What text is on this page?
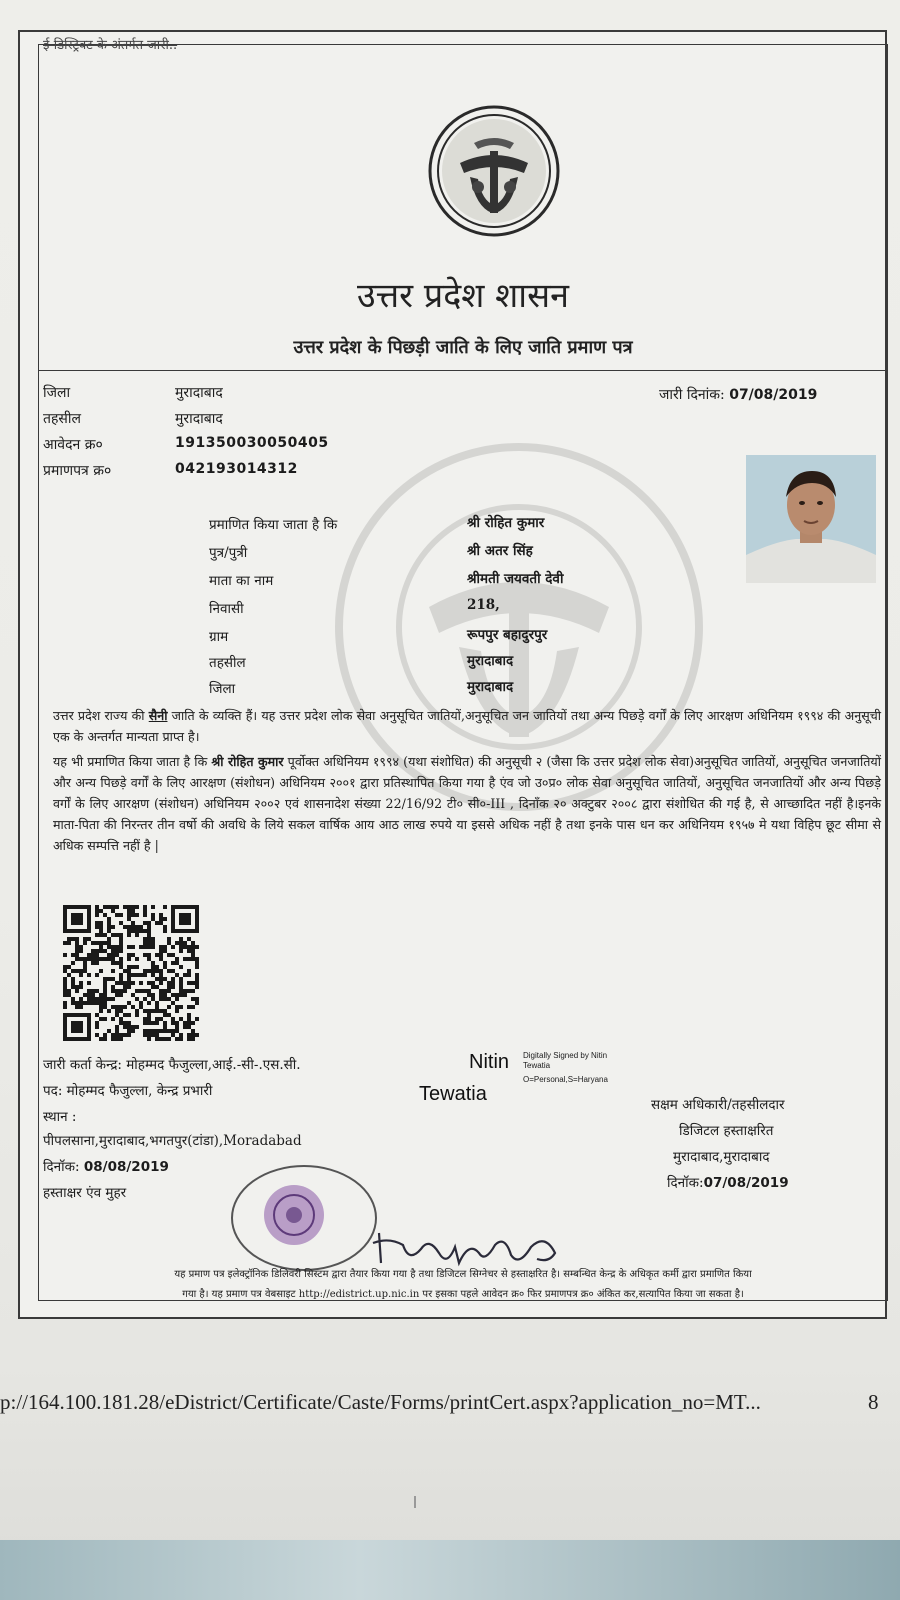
ई-डिस्ट्रिक्ट के अंतर्गत जारी..
उत्तर प्रदेश शासन
उत्तर प्रदेश के पिछड़ी जाति के लिए जाति प्रमाण पत्र
जिला	मुरादाबाद
तहसील	मुरादाबाद
आवेदन क्र०	191350030050405
प्रमाणपत्र क्र०	042193014312
जारी दिनांक: 07/08/2019
प्रमाणित किया जाता है कि	श्री रोहित कुमार
पुत्र/पुत्री	श्री अतर सिंह
माता का नाम	श्रीमती जयवती देवी
निवासी	218,
ग्राम	रूपपुर बहादुरपुर
तहसील	मुरादाबाद
जिला	मुरादाबाद
उत्तर प्रदेश राज्य की सैनी जाति के व्यक्ति हैं। यह उत्तर प्रदेश लोक सेवा अनुसूचित जातियों,अनुसूचित जन जातियों तथा अन्य पिछड़े वर्गों के लिए आरक्षण अधिनियम १९९४ की अनुसूची एक के अन्तर्गत मान्यता प्राप्त है।
यह भी प्रमाणित किया जाता है कि श्री रोहित कुमार पूर्वोक्त अधिनियम १९९४ (यथा संशोधित) की अनुसूची २ (जैसा कि उत्तर प्रदेश लोक सेवा)अनुसूचित जातियों, अनुसूचित जनजातियों और अन्य पिछड़े वर्गों के लिए आरक्षण (संशोधन) अधिनियम २००१ द्वारा प्रतिस्थापित किया गया है एंव जो उ०प्र० लोक सेवा अनुसूचित जातियों, अनुसूचित जनजातियों और अन्य पिछड़े वर्गों के लिए आरक्षण (संशोधन) अधिनियम २००२ एवं शासनादेश संख्या 22/16/92 टी० सी०-III , दिनाँक २० अक्टुबर २००८ द्वारा संशोधित की गई है, से आच्छादित नहीं है।इनके माता-पिता की निरन्तर तीन वर्षो की अवधि के लिये सकल वार्षिक आय आठ लाख रुपये या इससे अधिक नहीं है तथा इनके पास धन कर अधिनियम १९५७ मे यथा विहिप छूट सीमा से अधिक सम्पत्ति नहीं है |
जारी कर्ता केन्द्र: मोहम्मद फैजुल्ला,आई.-सी-.एस.सी.
पद: मोहम्मद फैजुल्ला, केन्द्र प्रभारी
स्थान :
पीपलसाना,मुरादाबाद,भगतपुर(टांडा),Moradabad
दिनॉक: 08/08/2019
हस्ताक्षर एंव मुहर
Nitin
Tewatia
Digitally Signed by Nitin
Tewatia
O=Personal,S=Haryana
सक्षम अधिकारी/तहसीलदार
डिजिटल हस्ताक्षरित
मुरादाबाद,मुरादाबाद
दिनॉक:07/08/2019
यह प्रमाण पत्र इलेक्ट्रॉनिक डिलिवरी सिस्टम द्वारा तैयार किया गया है तथा डिजिटल सिग्नेचर से हस्ताक्षरित है। सम्बन्धित केन्द्र के अधिकृत कर्मी द्वारा प्रमाणित किया
गया है। यह प्रमाण पत्र वेबसाइट http://edistrict.up.nic.in पर इसका पहले आवेदन क्र० फिर प्रमाणपत्र क्र० अंकित कर,सत्यापित किया जा सकता है।
p://164.100.181.28/eDistrict/Certificate/Caste/Forms/printCert.aspx?application_no=MT...	8
